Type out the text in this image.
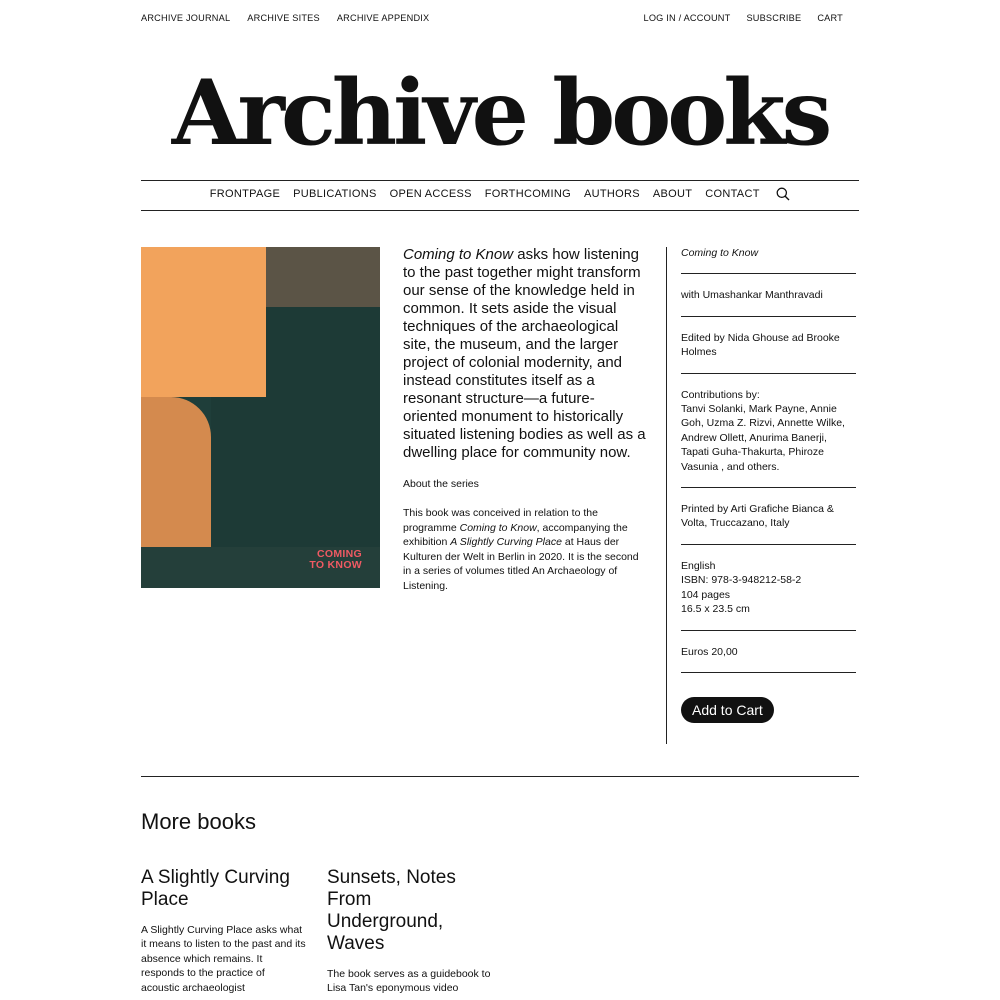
ARCHIVE JOURNAL ARCHIVE SITES ARCHIVE APPENDIX	LOG IN / ACCOUNT SUBSCRIBE CART
Archive books
FRONTPAGE PUBLICATIONS OPEN ACCESS FORTHCOMING AUTHORS ABOUT CONTACT
COMING
TO KNOW

Coming to Know asks how listening to the past together might transform our sense of the knowledge held in common. It sets aside the visual techniques of the archaeological site, the museum, and the larger project of colonial modernity, and instead constitutes itself as a resonant structure—a future-oriented monument to historically situated listening bodies as well as a dwelling place for community now.

About the series

This book was conceived in relation to the programme Coming to Know, accompanying the exhibition A Slightly Curving Place at Haus der Kulturen der Welt in Berlin in 2020. It is the second in a series of volumes titled An Archaeology of Listening.

Coming to Know
with Umashankar Manthravadi
Edited by Nida Ghouse ad Brooke Holmes
Contributions by:
Tanvi Solanki, Mark Payne, Annie Goh, Uzma Z. Rizvi, Annette Wilke, Andrew Ollett, Anurima Banerji, Tapati Guha-Thakurta, Phiroze Vasunia , and others.
Printed by Arti Grafiche Bianca & Volta, Truccazano, Italy
English
ISBN: 978-3-948212-58-2
104 pages
16.5 x 23.5 cm
Euros 20,00
Add to Cart
More books
A Slightly Curving Place

A Slightly Curving Place asks what it means to listen to the past and its absence which remains. It responds to the practice of acoustic archaeologist

Sunsets, Notes From Underground, Waves

The book serves as a guidebook to Lisa Tan's eponymous video
